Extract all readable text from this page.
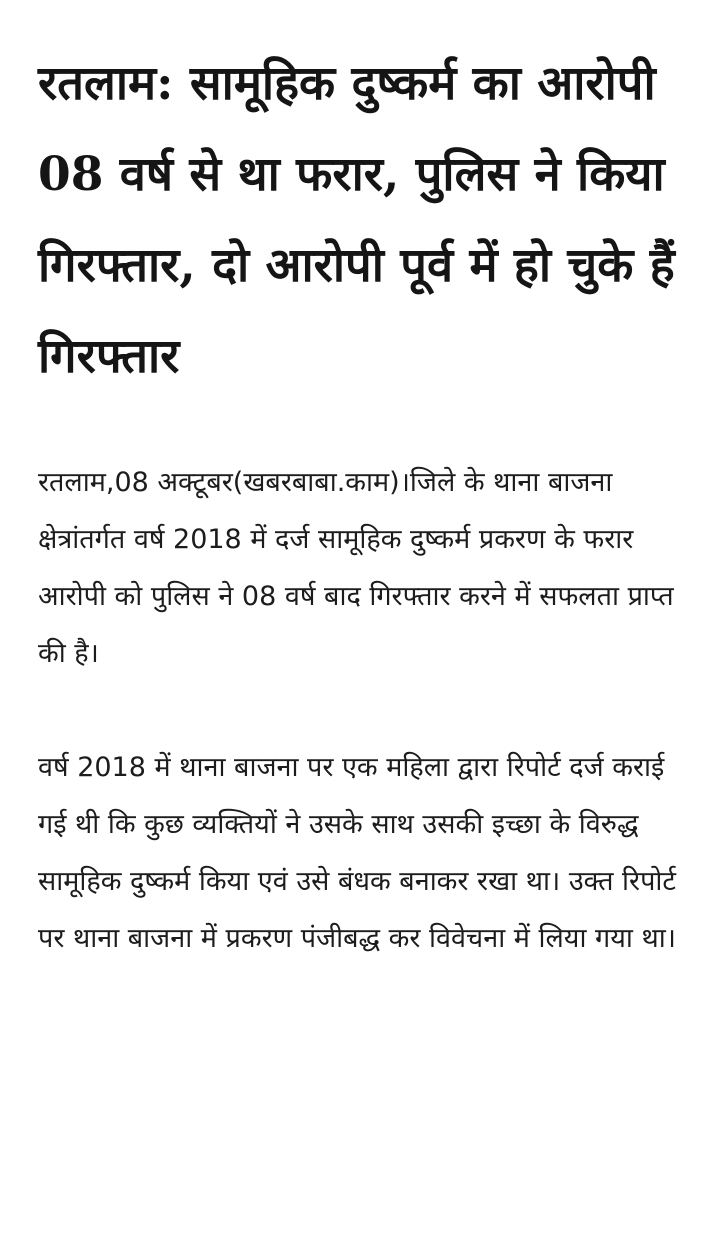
रतलाम: सामूहिक दुष्कर्म का आरोपी 08 वर्ष से था फरार, पुलिस ने किया गिरफ्तार, दो आरोपी पूर्व में हो चुके हैं गिरफ्तार

रतलाम,08 अक्टूबर(खबरबाबा.काम)।जिले के थाना बाजना क्षेत्रांतर्गत वर्ष 2018 में दर्ज सामूहिक दुष्कर्म प्रकरण के फरार आरोपी को पुलिस ने 08 वर्ष बाद गिरफ्तार करने में सफलता प्राप्त की है।

वर्ष 2018 में थाना बाजना पर एक महिला द्वारा रिपोर्ट दर्ज कराई गई थी कि कुछ व्यक्तियों ने उसके साथ उसकी इच्छा के विरुद्ध सामूहिक दुष्कर्म किया एवं उसे बंधक बनाकर रखा था। उक्त रिपोर्ट पर थाना बाजना में प्रकरण पंजीबद्ध कर विवेचना में लिया गया था।
